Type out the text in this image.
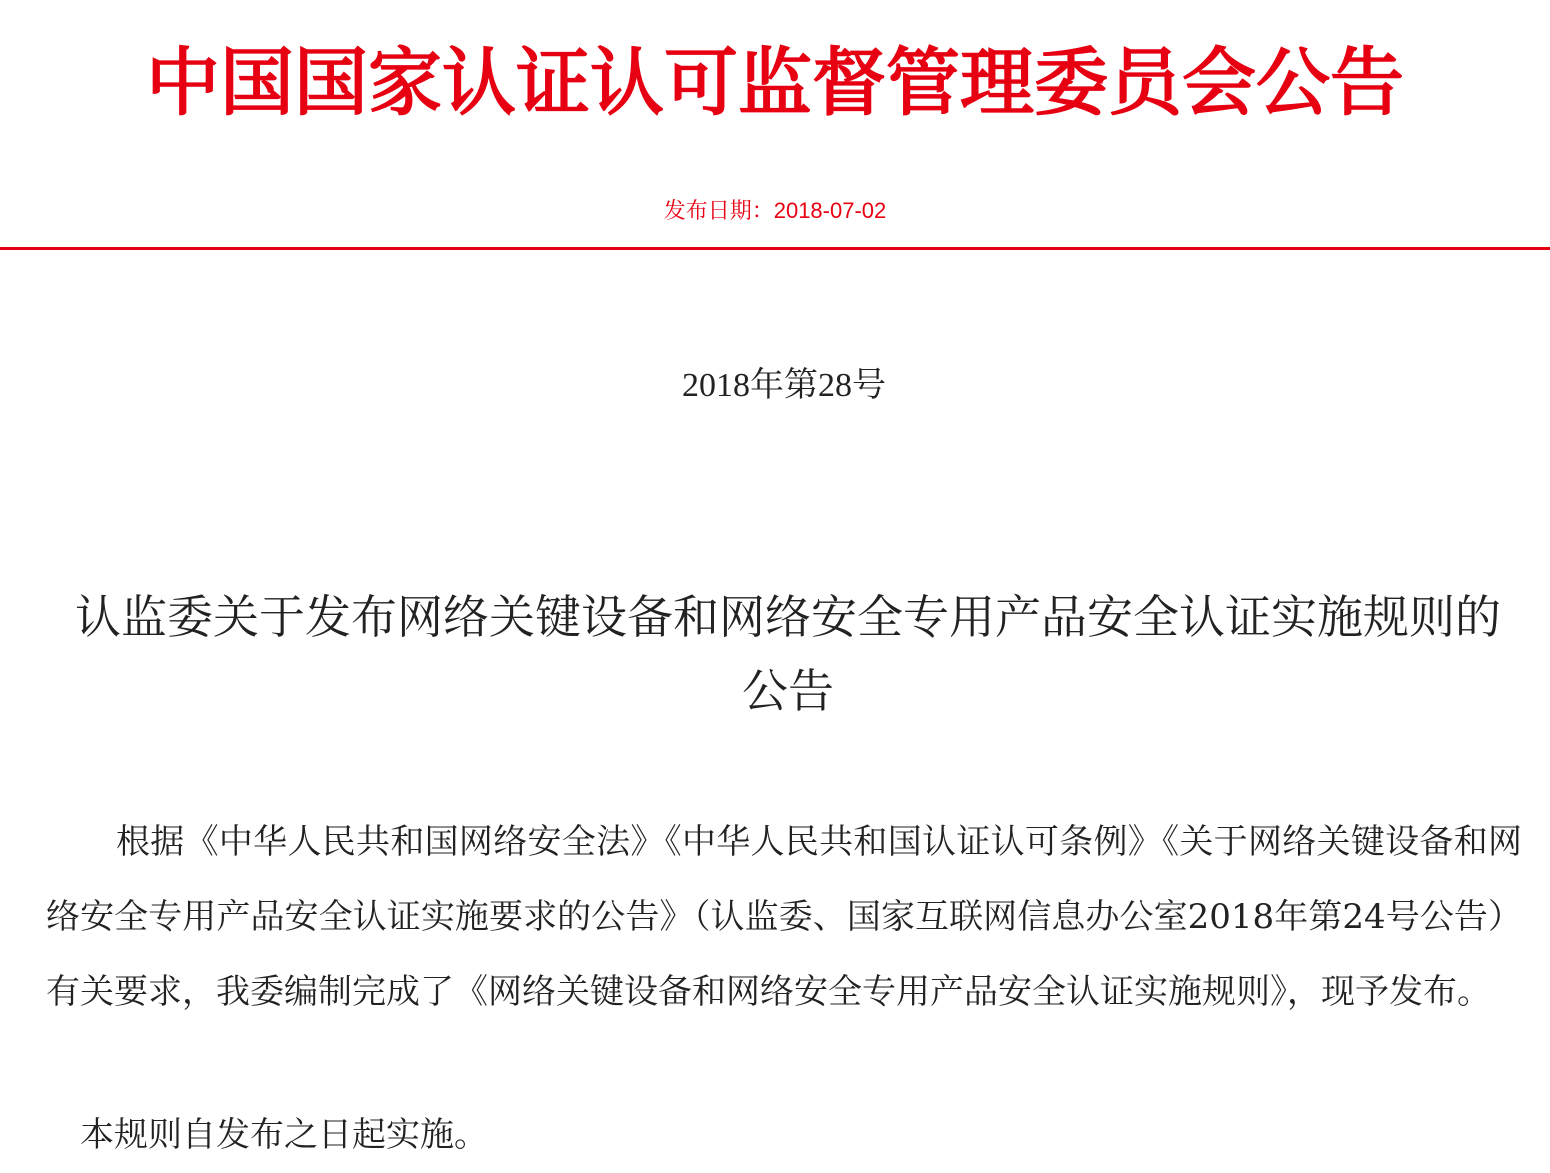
中国国家认证认可监督管理委员会公告
发布日期：2018-07-02
2018年第28号
认监委关于发布网络关键设备和网络安全专用产品安全认证实施规则的公告
根据《中华人民共和国网络安全法》《中华人民共和国认证认可条例》《关于网络关键设备和网络安全专用产品安全认证实施要求的公告》（认监委、国家互联网信息办公室2018年第24号公告）有关要求，我委编制完成了《网络关键设备和网络安全专用产品安全认证实施规则》，现予发布。
本规则自发布之日起实施。
